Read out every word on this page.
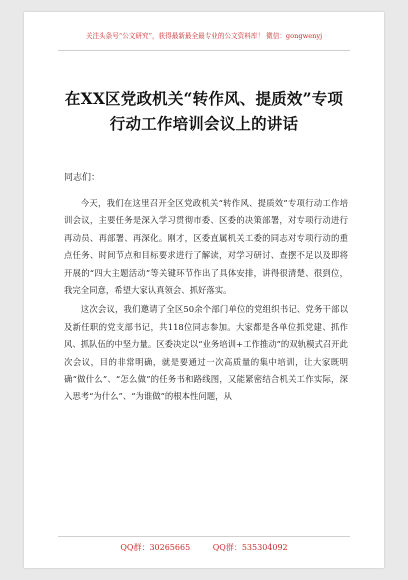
关注头条号“公文研究”，获得最新最全最专业的公文资料库！ 微信：gongwenyj
在XX区党政机关“转作风、提质效”专项
行动工作培训会议上的讲话
同志们：

今天，我们在这里召开全区党政机关“转作风、提质效”专项行动工作培训会议，主要任务是深入学习贯彻市委、区委的决策部署，对专项行动进行再动员、再部署、再深化。刚才，区委直属机关工委的同志对专项行动的重点任务、时间节点和目标要求进行了解读，对学习研讨、查摆不足以及即将开展的“四大主题活动”等关键环节作出了具体安排，讲得很清楚、很到位，我完全同意，希望大家认真领会、抓好落实。

这次会议，我们邀请了全区50余个部门单位的党组织书记、党务干部以及新任职的党支部书记，共118位同志参加。大家都是各单位抓党建、抓作风、抓队伍的中坚力量。区委决定以“业务培训+工作推动”的双轨模式召开此次会议，目的非常明确，就是要通过一次高质量的集中培训，让大家既明确“做什么”、“怎么做”的任务书和路线图，又能紧密结合机关工作实际，深入思考“为什么”、“为谁做”的根本性问题，从

QQ群：30265665	QQ群：535304092
